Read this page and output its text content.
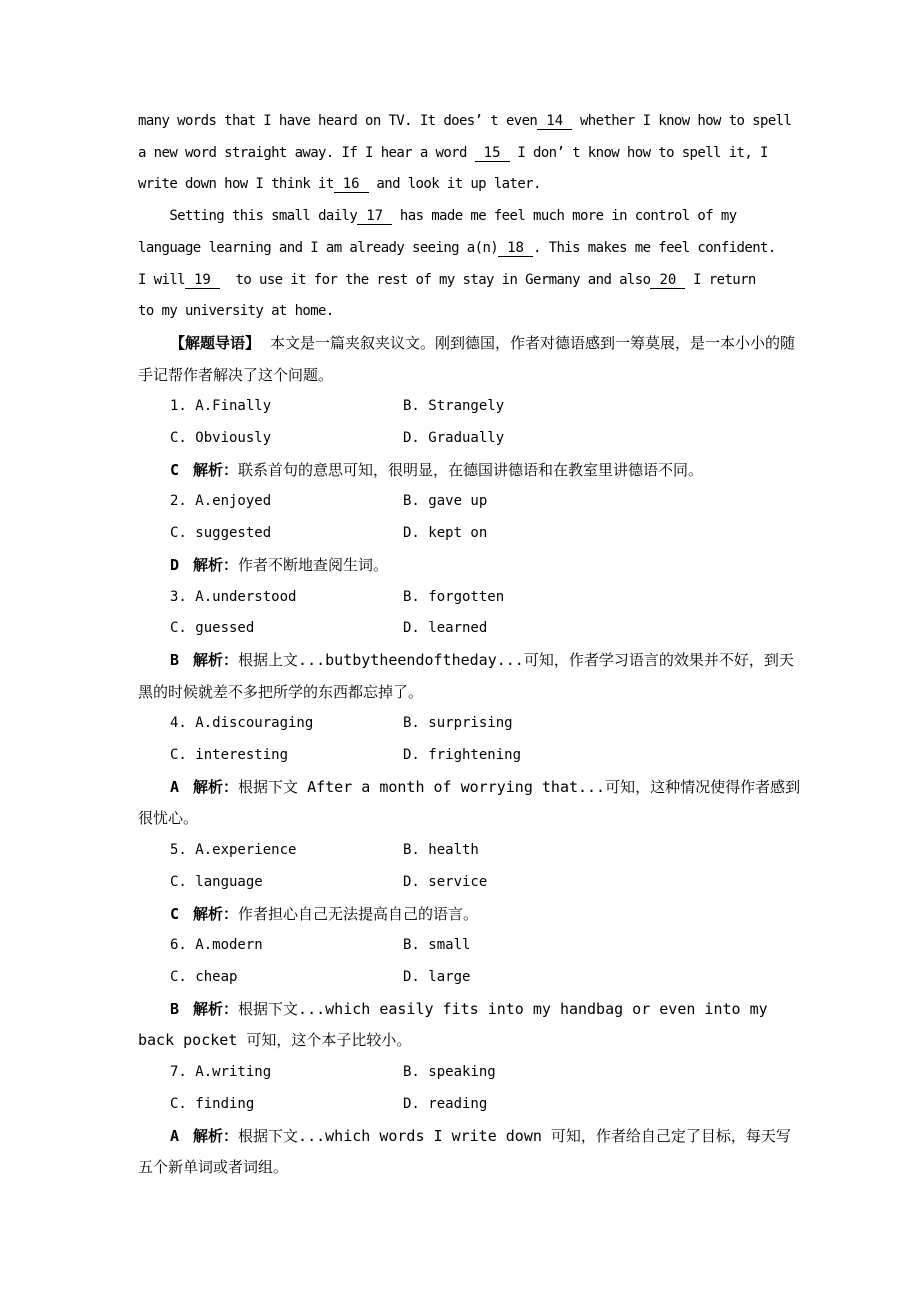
many words that I have heard on TV. It does’ t even 14 whether I know how to spell
a new word straight away. If I hear a word 15 I don’ t know how to spell it, I
write down how I think it 16 and look it up later.
Setting this small daily 17 has made me feel much more in control of my
language learning and I am already seeing a(n) 18 . This makes me feel confident.
I will 19  to use it for the rest of my stay in Germany and also 20 I return
to my university at home.

【解题导语】 本文是一篇夹叙夹议文。刚到德国，作者对德语感到一筹莫展，是一本小小的随手记帮作者解决了这个问题。

1. A.Finally	B. Strangely
C. Obviously	D. Gradually

C 解析：联系首句的意思可知，很明显，在德国讲德语和在教室里讲德语不同。

2. A.enjoyed	B. gave up
C. suggested	D. kept on

D 解析：作者不断地查阅生词。

3. A.understood	B. forgotten
C. guessed	D. learned

B 解析：根据上文...butbytheendoftheday...可知，作者学习语言的效果并不好，到天黑的时候就差不多把所学的东西都忘掉了。

4. A.discouraging	B. surprising
C. interesting	D. frightening

A 解析：根据下文 After a month of worrying that...可知，这种情况使得作者感到很忧心。

5. A.experience	B. health
C. language	D. service

C 解析：作者担心自己无法提高自己的语言。

6. A.modern	B. small
C. cheap	D. large

B 解析：根据下文...which easily fits into my handbag or even into my back pocket 可知，这个本子比较小。

7. A.writing	B. speaking
C. finding	D. reading

A 解析：根据下文...which words I write down 可知，作者给自己定了目标，每天写五个新单词或者词组。
